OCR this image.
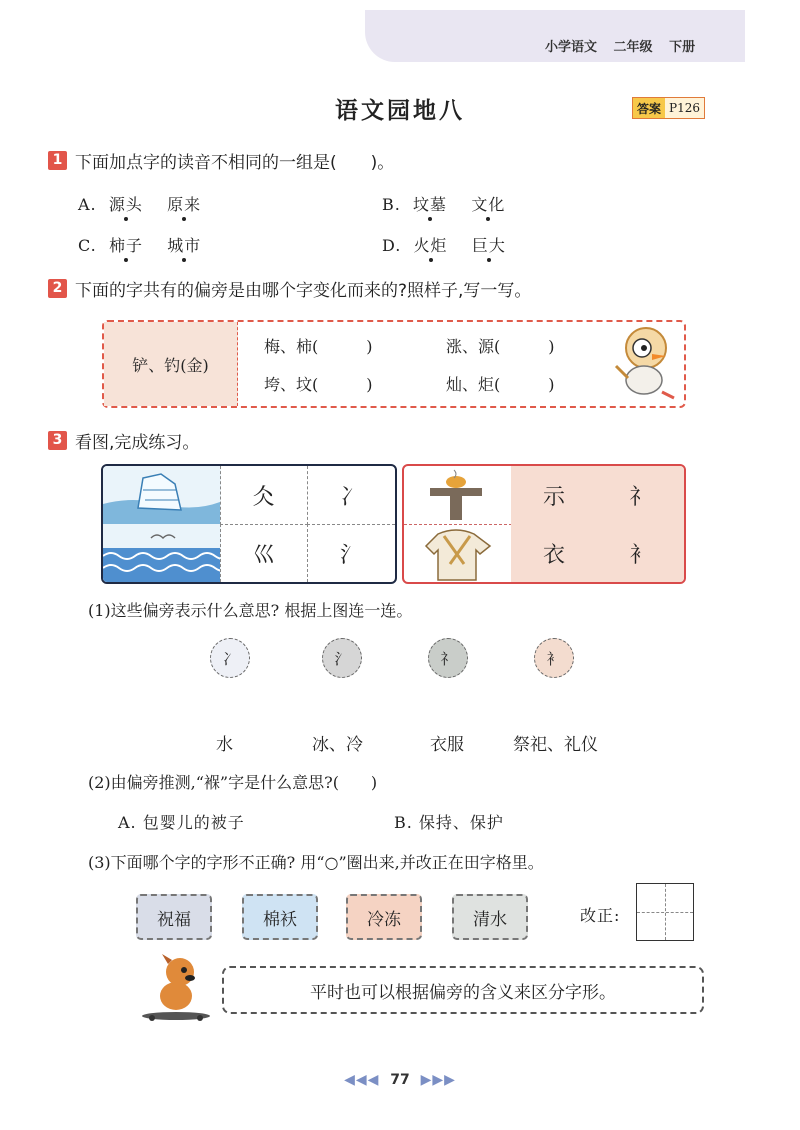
小学语文 二年级 下册
语文园地八	答案 P126
1 下面加点字的读音不相同的一组是(　　)。
A. 源头 原来	B. 坟墓 文化
C. 柿子 城市	D. 火炬 巨大
2 下面的字共有的偏旁是由哪个字变化而来的?照样子,写一写。
铲、钓(金)
梅、柿(　　　)	涨、源(　　　)
垮、坟(　　　)	灿、炬(　　　)
3 看图,完成练习。
仌	冫
巛	氵
示	礻
衣	衤
(1)这些偏旁表示什么意思? 根据上图连一连。
冫	氵	礻	衤
水	冰、冷	衣服	祭祀、礼仪
(2)由偏旁推测,“褓”字是什么意思?(　　)
A. 包婴儿的被子	B. 保持、保护
(3)下面哪个字的字形不正确? 用“○”圈出来,并改正在田字格里。
祝福	棉袄	冷冻	清水	改正:
平时也可以根据偏旁的含义来区分字形。
◀◀◀ 77 ▶▶▶
